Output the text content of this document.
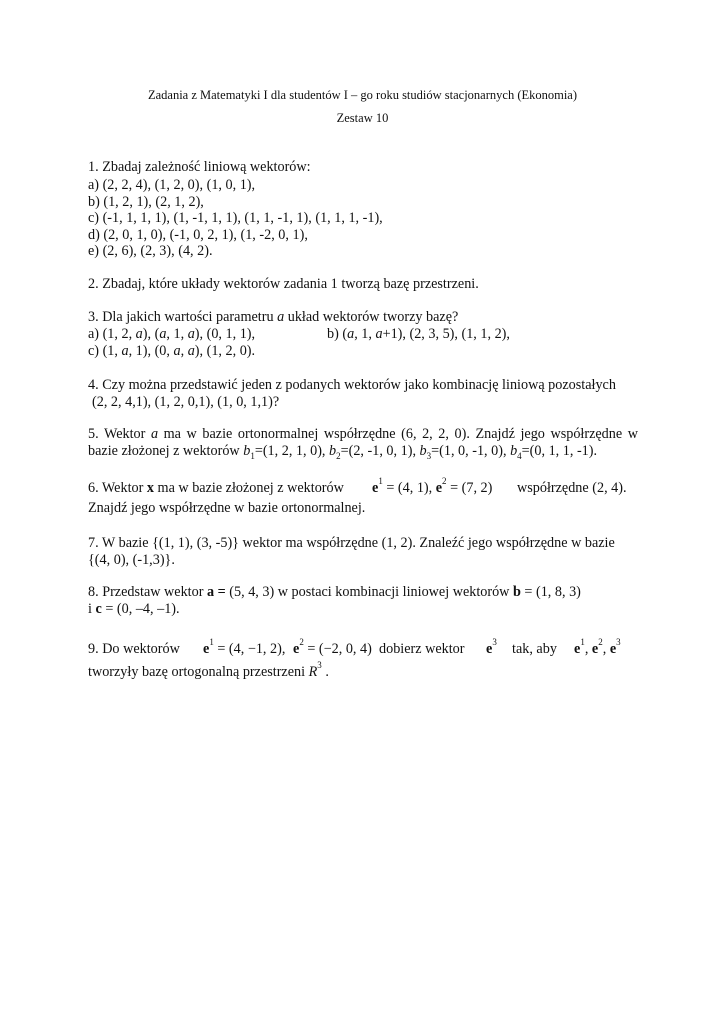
Zadania z Matematyki I dla studentów I – go roku studiów stacjonarnych (Ekonomia)
Zestaw 10
1. Zbadaj zależność liniową wektorów:
a) (2, 2, 4), (1, 2, 0), (1, 0, 1),
b) (1, 2, 1), (2, 1, 2),
c) (-1, 1, 1, 1), (1, -1, 1, 1), (1, 1, -1, 1), (1, 1, 1, -1),
d) (2, 0, 1, 0), (-1, 0, 2, 1), (1, -2, 0, 1),
e) (2, 6), (2, 3), (4, 2).
2. Zbadaj, które układy wektorów zadania 1 tworzą bazę przestrzeni.
3. Dla jakich wartości parametru a układ wektorów tworzy bazę?
a) (1, 2, a), (a, 1, a), (0, 1, 1),	b) (a, 1, a+1), (2, 3, 5), (1, 1, 2),
c) (1, a, 1), (0, a, a), (1, 2, 0).
4. Czy można przedstawić jeden z podanych wektorów jako kombinację liniową pozostałych
(2, 2, 4,1), (1, 2, 0,1), (1, 0, 1,1)?
5. Wektor a ma w bazie ortonormalnej współrzędne (6, 2, 2, 0). Znajdź jego współrzędne w
bazie złożonej z wektorów $b_1=(1$, 2, 1, 0), $b_2=(2$, -1, 0, 1), $b_3=(1$, 0, -1, 0), $b_4=(0$, 1, 1, -1).
6. Wektor x ma w bazie złożonej z wektorów $e^1 = (4$, 1), $e^2 = (7$, 2) współrzędne (2, 4).
Znajdź jego współrzędne w bazie ortonormalnej.
7. W bazie {(1, 1), (3, -5)} wektor ma współrzędne (1, 2). Znaleźć jego współrzędne w bazie
{(4, 0), (-1,3)}.
8. Przedstaw wektor a = (5, 4, 3) w postaci kombinacji liniowej wektorów b = (1, 8, 3)
i c = (0, –4, –1).
9. Do wektorów $e^1 = (4$, −1, 2), $e^2 = (-2$, 0, 4) dobierz wektor $e^3$ tak, aby $e^1$, $e^2$, $e^3$
tworzyły bazę ortogonalną przestrzeni $R^3$ .
